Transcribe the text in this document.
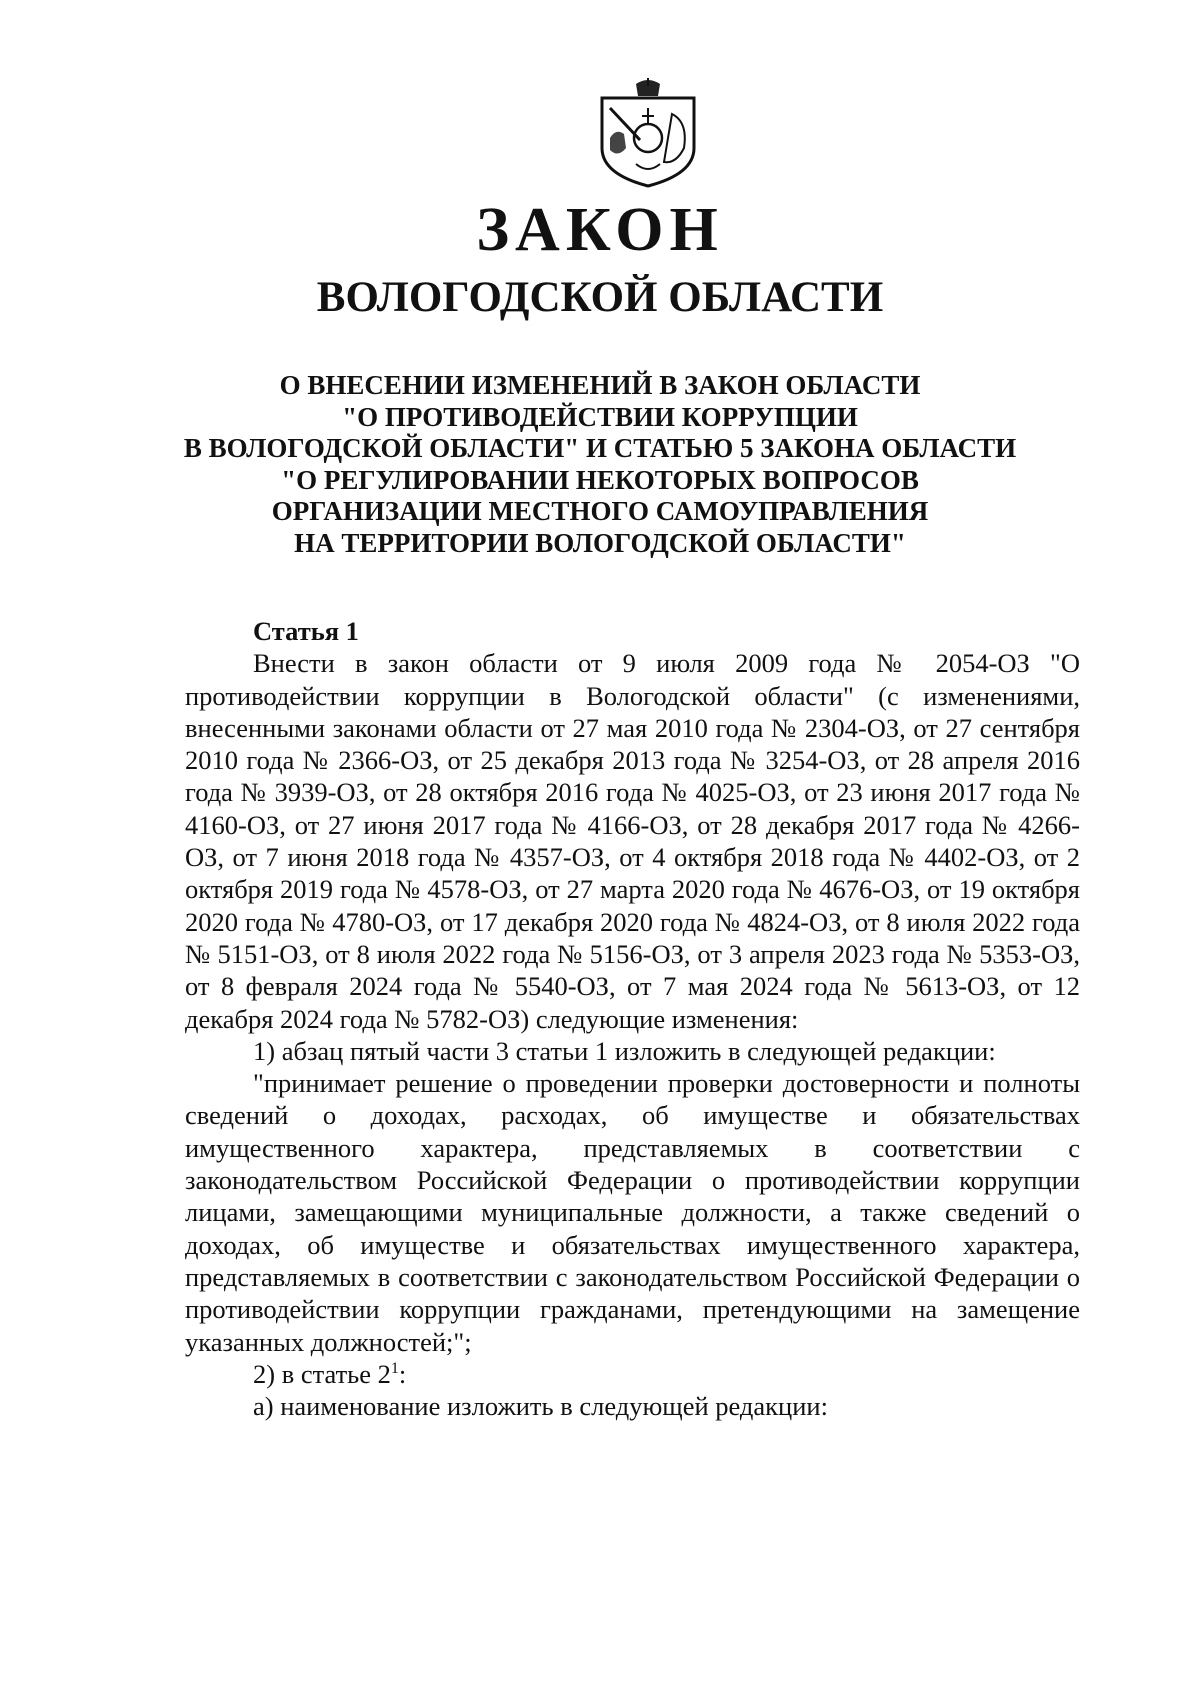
ЗАКОН
ВОЛОГОДСКОЙ ОБЛАСТИ
О ВНЕСЕНИИ ИЗМЕНЕНИЙ В ЗАКОН ОБЛАСТИ
"О ПРОТИВОДЕЙСТВИИ КОРРУПЦИИ
В ВОЛОГОДСКОЙ ОБЛАСТИ" И СТАТЬЮ 5 ЗАКОНА ОБЛАСТИ
"О РЕГУЛИРОВАНИИ НЕКОТОРЫХ ВОПРОСОВ
ОРГАНИЗАЦИИ МЕСТНОГО САМОУПРАВЛЕНИЯ
НА ТЕРРИТОРИИ ВОЛОГОДСКОЙ ОБЛАСТИ"
Статья 1

Внести в закон области от 9 июля 2009 года № 2054-ОЗ "О противодействии коррупции в Вологодской области" (с изменениями, внесенными законами области от 27 мая 2010 года № 2304-ОЗ, от 27 сентября 2010 года № 2366-ОЗ, от 25 декабря 2013 года № 3254-ОЗ, от 28 апреля 2016 года № 3939-ОЗ, от 28 октября 2016 года № 4025-ОЗ, от 23 июня 2017 года № 4160-ОЗ, от 27 июня 2017 года № 4166-ОЗ, от 28 декабря 2017 года № 4266-ОЗ, от 7 июня 2018 года № 4357-ОЗ, от 4 октября 2018 года № 4402-ОЗ, от 2 октября 2019 года № 4578-ОЗ, от 27 марта 2020 года № 4676-ОЗ, от 19 октября 2020 года № 4780-ОЗ, от 17 декабря 2020 года № 4824-ОЗ, от 8 июля 2022 года № 5151-ОЗ, от 8 июля 2022 года № 5156-ОЗ, от 3 апреля 2023 года № 5353-ОЗ, от 8 февраля 2024 года № 5540-ОЗ, от 7 мая 2024 года № 5613-ОЗ, от 12 декабря 2024 года № 5782-ОЗ) следующие изменения:

1) абзац пятый части 3 статьи 1 изложить в следующей редакции:

"принимает решение о проведении проверки достоверности и полноты сведений о доходах, расходах, об имуществе и обязательствах имущественного характера, представляемых в соответствии с законодательством Российской Федерации о противодействии коррупции лицами, замещающими муниципальные должности, а также сведений о доходах, об имуществе и обязательствах имущественного характера, представляемых в соответствии с законодательством Российской Федерации о противодействии коррупции гражданами, претендующими на замещение указанных должностей;";

2) в статье $2^1$:

а) наименование изложить в следующей редакции:
